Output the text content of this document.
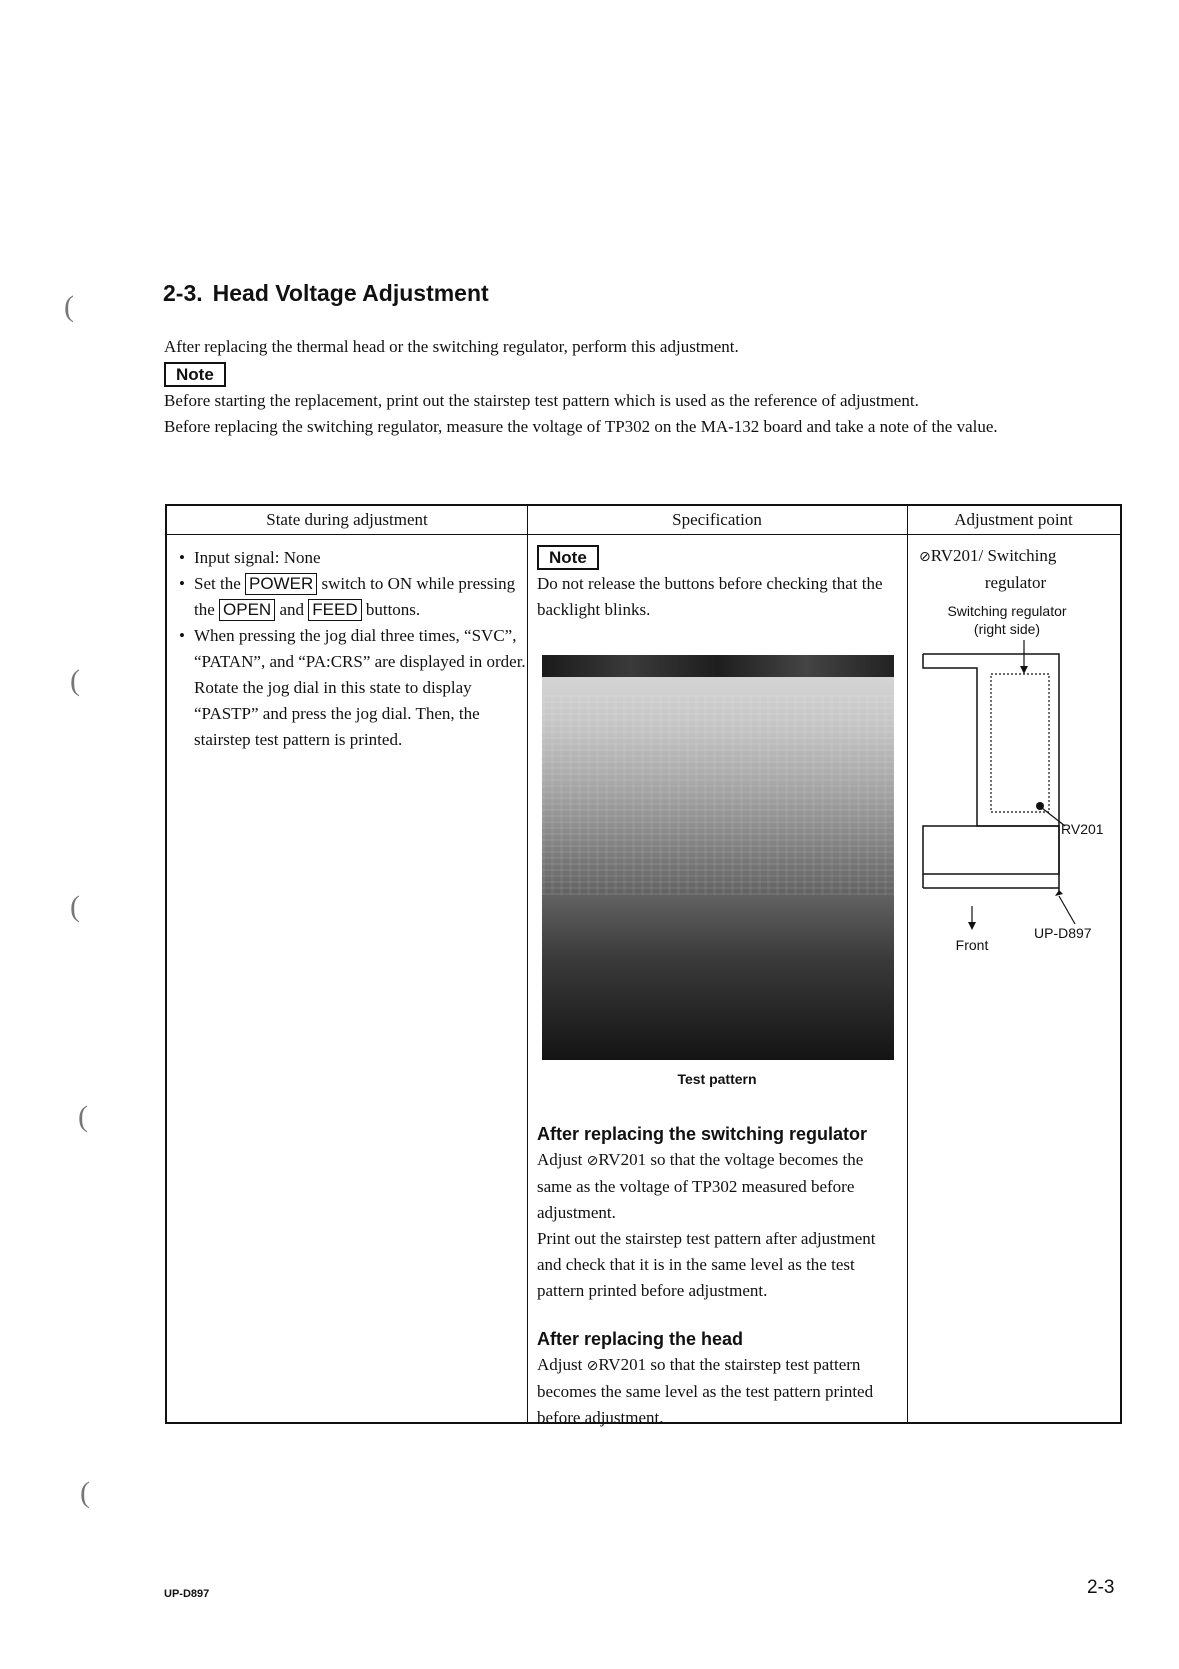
(
(
(
(
(
2-3. Head Voltage Adjustment

After replacing the thermal head or the switching regulator, perform this adjustment.

Note

Before starting the replacement, print out the stairstep test pattern which is used as the reference of adjustment.

Before replacing the switching regulator, measure the voltage of TP302 on the MA-132 board and take a note of the value.

State during adjustment
• Input signal: None
• Set the POWER switch to ON while pressing the OPEN and FEED buttons.
• When pressing the jog dial three times, “SVC”, “PATAN”, and “PA:CRS” are displayed in order. Rotate the jog dial in this state to display “PASTP” and press the jog dial. Then, the stairstep test pattern is printed.
Specification
Note

Do not release the buttons before checking that the backlight blinks.

Test pattern
After replacing the switching regulator

Adjust ⊘RV201 so that the voltage becomes the same as the voltage of TP302 measured before adjustment.

Print out the stairstep test pattern after adjustment and check that it is in the same level as the test pattern printed before adjustment.

After replacing the head

Adjust ⊘RV201 so that the stairstep test pattern becomes the same level as the test pattern printed before adjustment.

Adjustment point
⊘RV201/ Switching
regulator
Switching regulator
(right side)
RV201
Front
UP-D897
UP-D897	2-3
